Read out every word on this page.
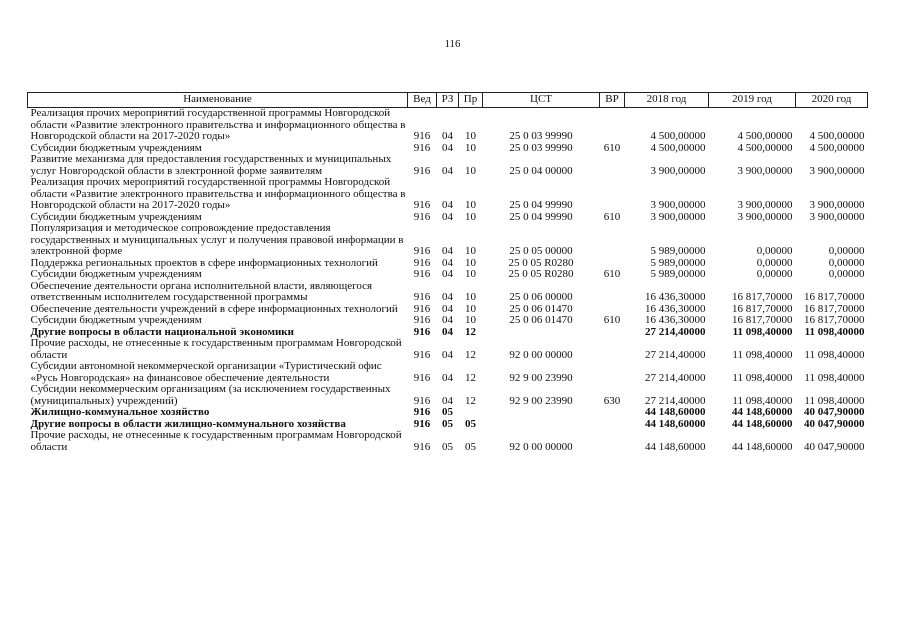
116
Наименование	Вед	РЗ	Пр	ЦСТ	ВР	2018 год	2019 год	2020 год
Реализация прочих мероприятий государственной программы Новгородской области «Развитие электронного правительства и информационного общества в Новгородской области на 2017-2020 годы»	916	04	10	25 0 03 99990		4 500,00000	4 500,00000	4 500,00000
Субсидии бюджетным учреждениям	916	04	10	25 0 03 99990	610	4 500,00000	4 500,00000	4 500,00000
Развитие механизма для предоставления государственных и муниципальных услуг Новгородской области в электронной форме заявителям	916	04	10	25 0 04 00000		3 900,00000	3 900,00000	3 900,00000
Реализация прочих мероприятий государственной программы Новгородской области «Развитие электронного правительства и информационного общества в Новгородской области на 2017-2020 годы»	916	04	10	25 0 04 99990		3 900,00000	3 900,00000	3 900,00000
Субсидии бюджетным учреждениям	916	04	10	25 0 04 99990	610	3 900,00000	3 900,00000	3 900,00000
Популяризация и методическое сопровождение предоставления государственных и муниципальных услуг и получения правовой информации в электронной форме	916	04	10	25 0 05 00000		5 989,00000	0,00000	0,00000
Поддержка региональных проектов в сфере информационных технологий	916	04	10	25 0 05 R0280		5 989,00000	0,00000	0,00000
Субсидии бюджетным учреждениям	916	04	10	25 0 05 R0280	610	5 989,00000	0,00000	0,00000
Обеспечение деятельности органа исполнительной власти, являющегося ответственным исполнителем государственной программы	916	04	10	25 0 06 00000		16 436,30000	16 817,70000	16 817,70000
Обеспечение деятельности учреждений в сфере информационных технологий	916	04	10	25 0 06 01470		16 436,30000	16 817,70000	16 817,70000
Субсидии бюджетным учреждениям	916	04	10	25 0 06 01470	610	16 436,30000	16 817,70000	16 817,70000
Другие вопросы в области национальной экономики	916	04	12			27 214,40000	11 098,40000	11 098,40000
Прочие расходы, не отнесенные к государственным программам Новгородской области	916	04	12	92 0 00 00000		27 214,40000	11 098,40000	11 098,40000
Субсидии автономной некоммерческой организации «Туристический офис «Русь Новгородская» на финансовое обеспечение деятельности	916	04	12	92 9 00 23990		27 214,40000	11 098,40000	11 098,40000
Субсидии некоммерческим организациям (за исключением государственных (муниципальных) учреждений)	916	04	12	92 9 00 23990	630	27 214,40000	11 098,40000	11 098,40000
Жилищно-коммунальное хозяйство	916	05				44 148,60000	44 148,60000	40 047,90000
Другие вопросы в области жилищно-коммунального хозяйства	916	05	05			44 148,60000	44 148,60000	40 047,90000
Прочие расходы, не отнесенные к государственным программам Новгородской области	916	05	05	92 0 00 00000		44 148,60000	44 148,60000	40 047,90000
